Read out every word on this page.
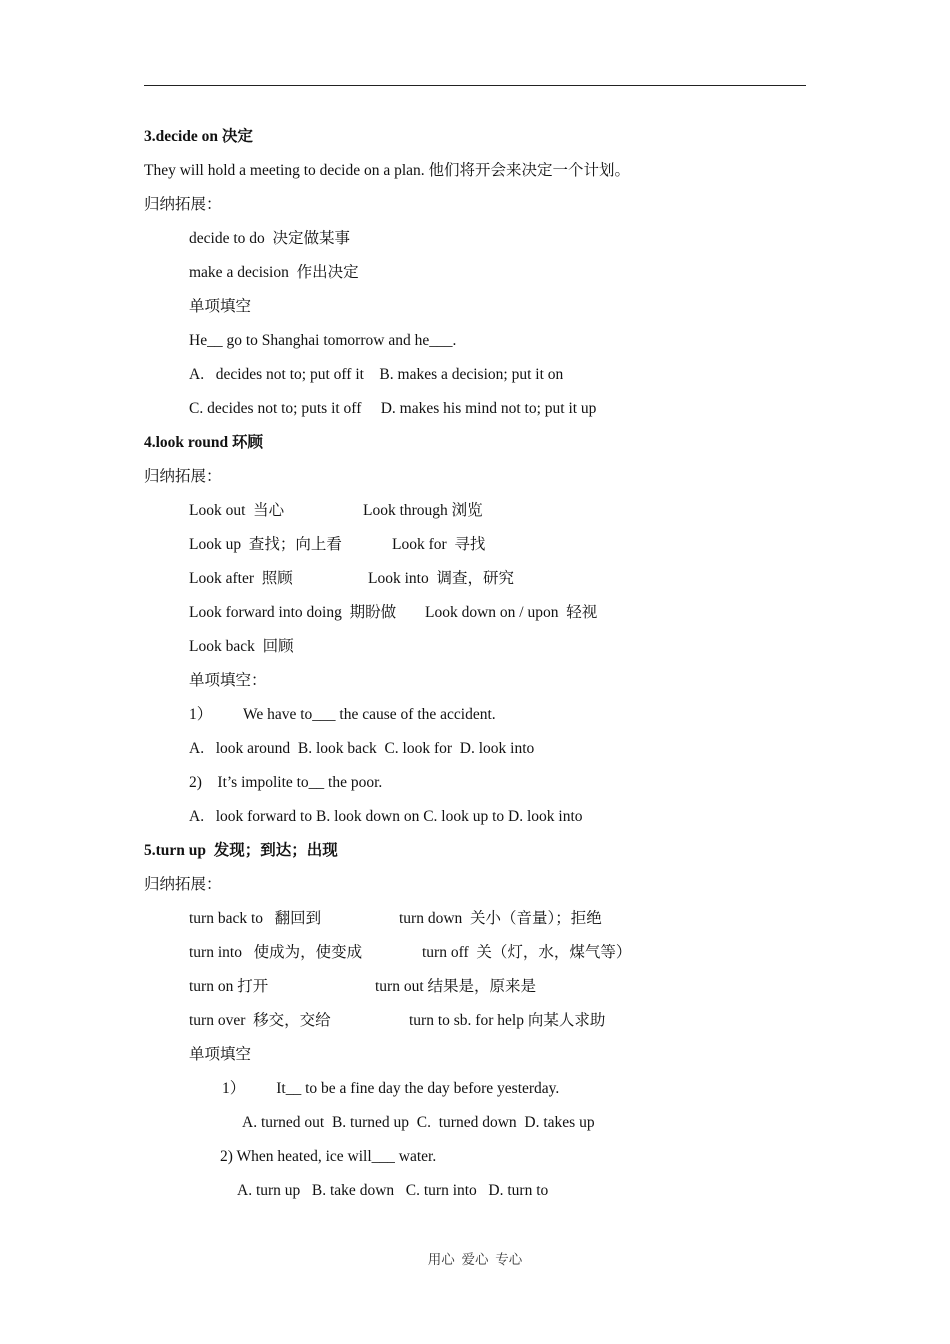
3.decide on 决定
They will hold a meeting to decide on a plan. 他们将开会来决定一个计划。
归纳拓展：
decide to do  决定做某事
make a decision  作出决定
单项填空
He__ go to Shanghai tomorrow and he___.
A.   decides not to; put off it    B. makes a decision; put it on
C. decides not to; puts it off     D. makes his mind not to; put it up
4.look round 环顾
归纳拓展：
Look out  当心	Look through 浏览
Look up  查找；向上看	Look for  寻找
Look after  照顾	Look into  调查，研究
Look forward into doing  期盼做 Look down on / upon  轻视
Look back  回顾
单项填空：
1）        We have to___ the cause of the accident.
A.   look around  B. look back  C. look for  D. look into
2)    It’s impolite to__ the poor.
A.   look forward to B. look down on C. look up to D. look into
5.turn up  发现；到达；出现
归纳拓展：
turn back to   翻回到	turn down  关小（音量）；拒绝
turn into   使成为，使变成	turn off  关（灯，水，煤气等）
turn on 打开	turn out 结果是，原来是
turn over  移交，交给	turn to sb. for help 向某人求助
单项填空
1）        It__ to be a fine day the day before yesterday.
A. turned out  B. turned up  C.  turned down  D. takes up
2) When heated, ice will___ water.
A. turn up   B. take down   C. turn into   D. turn to
用心  爱心  专心
